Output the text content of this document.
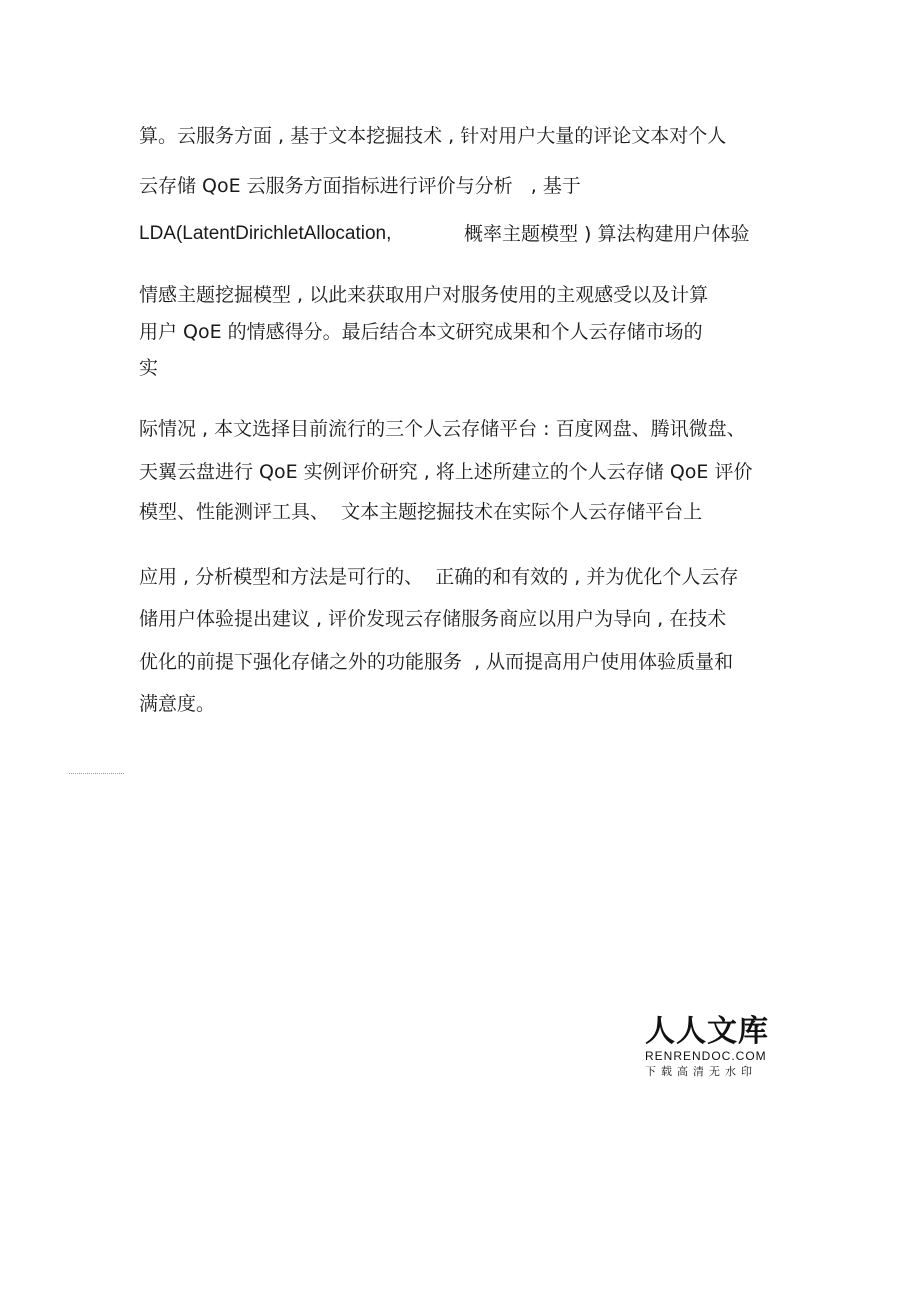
算。云服务方面 , 基于文本挖掘技术 , 针对用户大量的评论文本对个人

云存储 QoE 云服务方面指标进行评价与分析   , 基于

LDA(LatentDirichletAllocation,	概率主题模型 ) 算法构建用户体验

情感主题挖掘模型 , 以此来获取用户对服务使用的主观感受以及计算

用户 QoE 的情感得分。最后结合本文研究成果和个人云存储市场的

实

际情况 , 本文选择目前流行的三个人云存储平台 : 百度网盘、腾讯微盘、

天翼云盘进行 QoE 实例评价研究 , 将上述所建立的个人云存储 QoE 评价

模型、性能测评工具、  文本主题挖掘技术在实际个人云存储平台上

应用 , 分析模型和方法是可行的、  正确的和有效的 , 并为优化个人云存

储用户体验提出建议 , 评价发现云存储服务商应以用户为导向 , 在技术

优化的前提下强化存储之外的功能服务  , 从而提高用户使用体验质量和

满意度。

人人文库

RENRENDOC.COM

下载高清无水印
